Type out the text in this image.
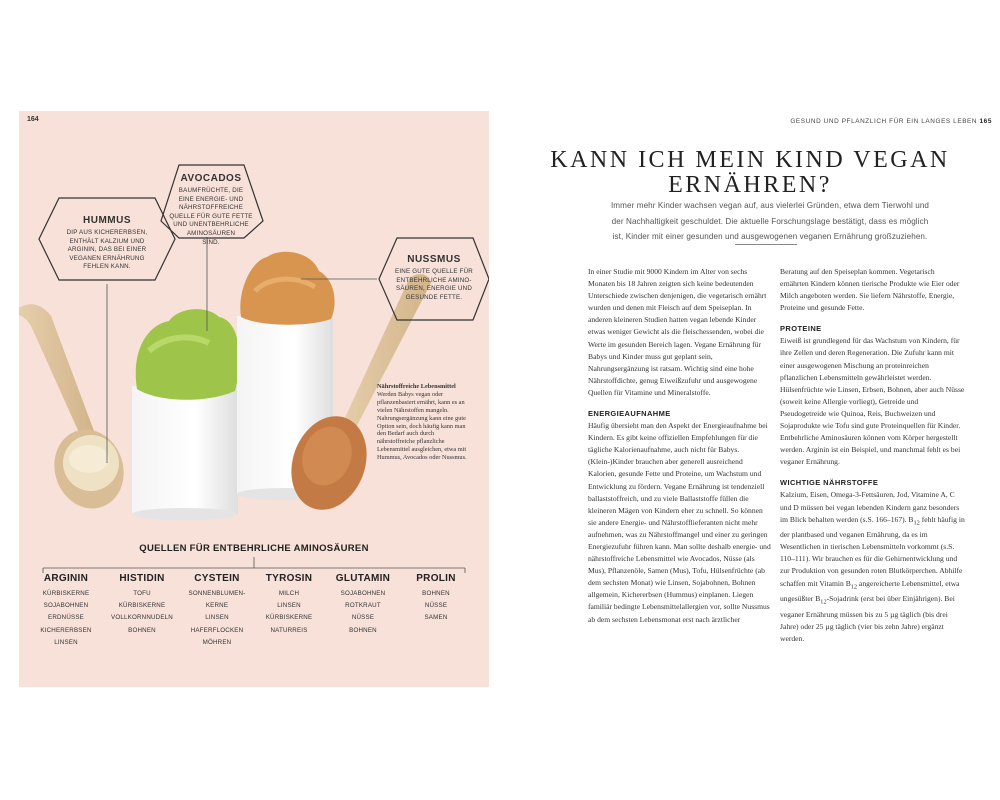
164
HUMMUS
DIP AUS KICHERERBSEN,
ENTHÄLT KALZIUM UND
ARGININ, DAS BEI EINER
VEGANEN ERNÄHRUNG
FEHLEN KANN.
AVOCADOS
BAUMFRÜCHTE, DIE
EINE ENERGIE- UND
NÄHRSTOFFREICHE
QUELLE FÜR GUTE FETTE
UND UNENTBEHRLICHE
AMINOSÄUREN
SIND.
NUSSMUS
EINE GUTE QUELLE FÜR
ENTBEHRLICHE AMINO-
SÄUREN, ENERGIE UND
GESUNDE FETTE.
Nährstoffreiche Lebensmittel Werden Babys vegan oder pflanzenbasiert ernährt, kann es an vielen Nährstoffen mangeln. Nahrungsergänzung kann eine gute Option sein, doch häufig kann man den Bedarf auch durch nährstoffreiche pflanzliche Lebensmittel ausgleichen, etwa mit Hummus, Avocados oder Nussmus.
QUELLEN FÜR ENTBEHRLICHE AMINOSÄUREN
ARGININ
KÜRBISKERNE
SOJABOHNEN
ERDNÜSSE
KICHERERBSEN
LINSEN
HISTIDIN
TOFU
KÜRBISKERNE
VOLLKORNNUDELN
BOHNEN
CYSTEIN
SONNENBLUMEN-
KERNE
LINSEN
HAFERFLOCKEN
MÖHREN
TYROSIN
MILCH
LINSEN
KÜRBISKERNE
NATURREIS
GLUTAMIN
SOJABOHNEN
ROTKRAUT
NÜSSE
BOHNEN
PROLIN
BOHNEN
NÜSSE
SAMEN
GESUND UND PFLANZLICH FÜR EIN LANGES LEBEN 165
KANN ICH MEIN KIND VEGAN
ERNÄHREN?
Immer mehr Kinder wachsen vegan auf, aus vielerlei Gründen, etwa dem Tierwohl und
der Nachhaltigkeit geschuldet. Die aktuelle Forschungslage bestätigt, dass es möglich
ist, Kinder mit einer gesunden und ausgewogenen veganen Ernährung großzuziehen.

In einer Studie mit 9000 Kindern im Alter von sechs Monaten bis 18 Jahren zeigten sich keine bedeutenden Unterschiede zwischen denjenigen, die vegetarisch ernährt wurden und denen mit Fleisch auf dem Speiseplan. In anderen kleineren Studien hatten vegan lebende Kinder etwas weniger Gewicht als die fleischessenden, wobei die Werte im gesunden Bereich lagen. Vegane Ernährung für Babys und Kinder muss gut geplant sein, Nahrungsergänzung ist ratsam. Wichtig sind eine hohe Nährstoffdichte, genug Eiweißzufuhr und ausgewogene Quellen für Vitamine und Mineralstoffe.

ENERGIEAUFNAHME

Häufig übersieht man den Aspekt der Energieaufnahme bei Kindern. Es gibt keine offiziellen Empfehlungen für die tägliche Kalorienaufnahme, auch nicht für Babys. (Klein-)Kinder brauchen aber generell ausreichend Kalorien, gesunde Fette und Proteine, um Wachstum und Entwicklung zu fördern. Vegane Ernährung ist tendenziell ballaststoffreich, und zu viele Ballaststoffe füllen die kleineren Mägen von Kindern eher zu schnell. So können sie andere Energie- und Nährstofflieferanten nicht mehr aufnehmen, was zu Nährstoffmangel und einer zu geringen Energiezufuhr führen kann. Man sollte deshalb energie- und nährstoffreiche Lebensmittel wie Avocados, Nüsse (als Mus), Pflanzenöle, Samen (Mus), Tofu, Hülsenfrüchte (ab dem sechsten Monat) wie Linsen, Sojabohnen, Bohnen allgemein, Kichererbsen (Hummus) einplanen. Liegen familiär bedingte Lebensmittelallergien vor, sollte Nussmus ab dem sechsten Lebensmonat erst nach ärztlicher

Beratung auf den Speiseplan kommen. Vegetarisch ernährten Kindern können tierische Produkte wie Eier oder Milch angeboten werden. Sie liefern Nährstoffe, Energie, Proteine und gesunde Fette.

PROTEINE

Eiweiß ist grundlegend für das Wachstum von Kindern, für ihre Zellen und deren Regeneration. Die Zufuhr kann mit einer ausgewogenen Mischung an proteinreichen pflanzlichen Lebensmitteln gewährleistet werden. Hülsenfrüchte wie Linsen, Erbsen, Bohnen, aber auch Nüsse (soweit keine Allergie vorliegt), Getreide und Pseudogetreide wie Quinoa, Reis, Buchweizen und Sojaprodukte wie Tofu sind gute Proteinquellen für Kinder. Entbehrliche Aminosäuren können vom Körper hergestellt werden. Arginin ist ein Beispiel, und manchmal fehlt es bei veganer Ernährung.

WICHTIGE NÄHRSTOFFE

Kalzium, Eisen, Omega-3-Fettsäuren, Jod, Vitamine A, C und D müssen bei vegan lebenden Kindern ganz besonders im Blick behalten werden (s.S. 166–167). $B_{12}$ fehlt häufig in der plantbased und veganen Ernährung, da es im Wesentlichen in tierischen Lebensmitteln vorkommt (s.S. 110–111). Wir brauchen es für die Gehirnentwicklung und zur Produktion von gesunden roten Blutkörperchen. Abhilfe schaffen mit Vitamin $B_{12}$ angereicherte Lebensmittel, etwa ungesüßter $B_{12}$-Sojadrink (erst bei über Einjährigen). Bei veganer Ernährung müssen bis zu 5 µg täglich (bis drei Jahre) oder 25 µg täglich (vier bis zehn Jahre) ergänzt werden.
